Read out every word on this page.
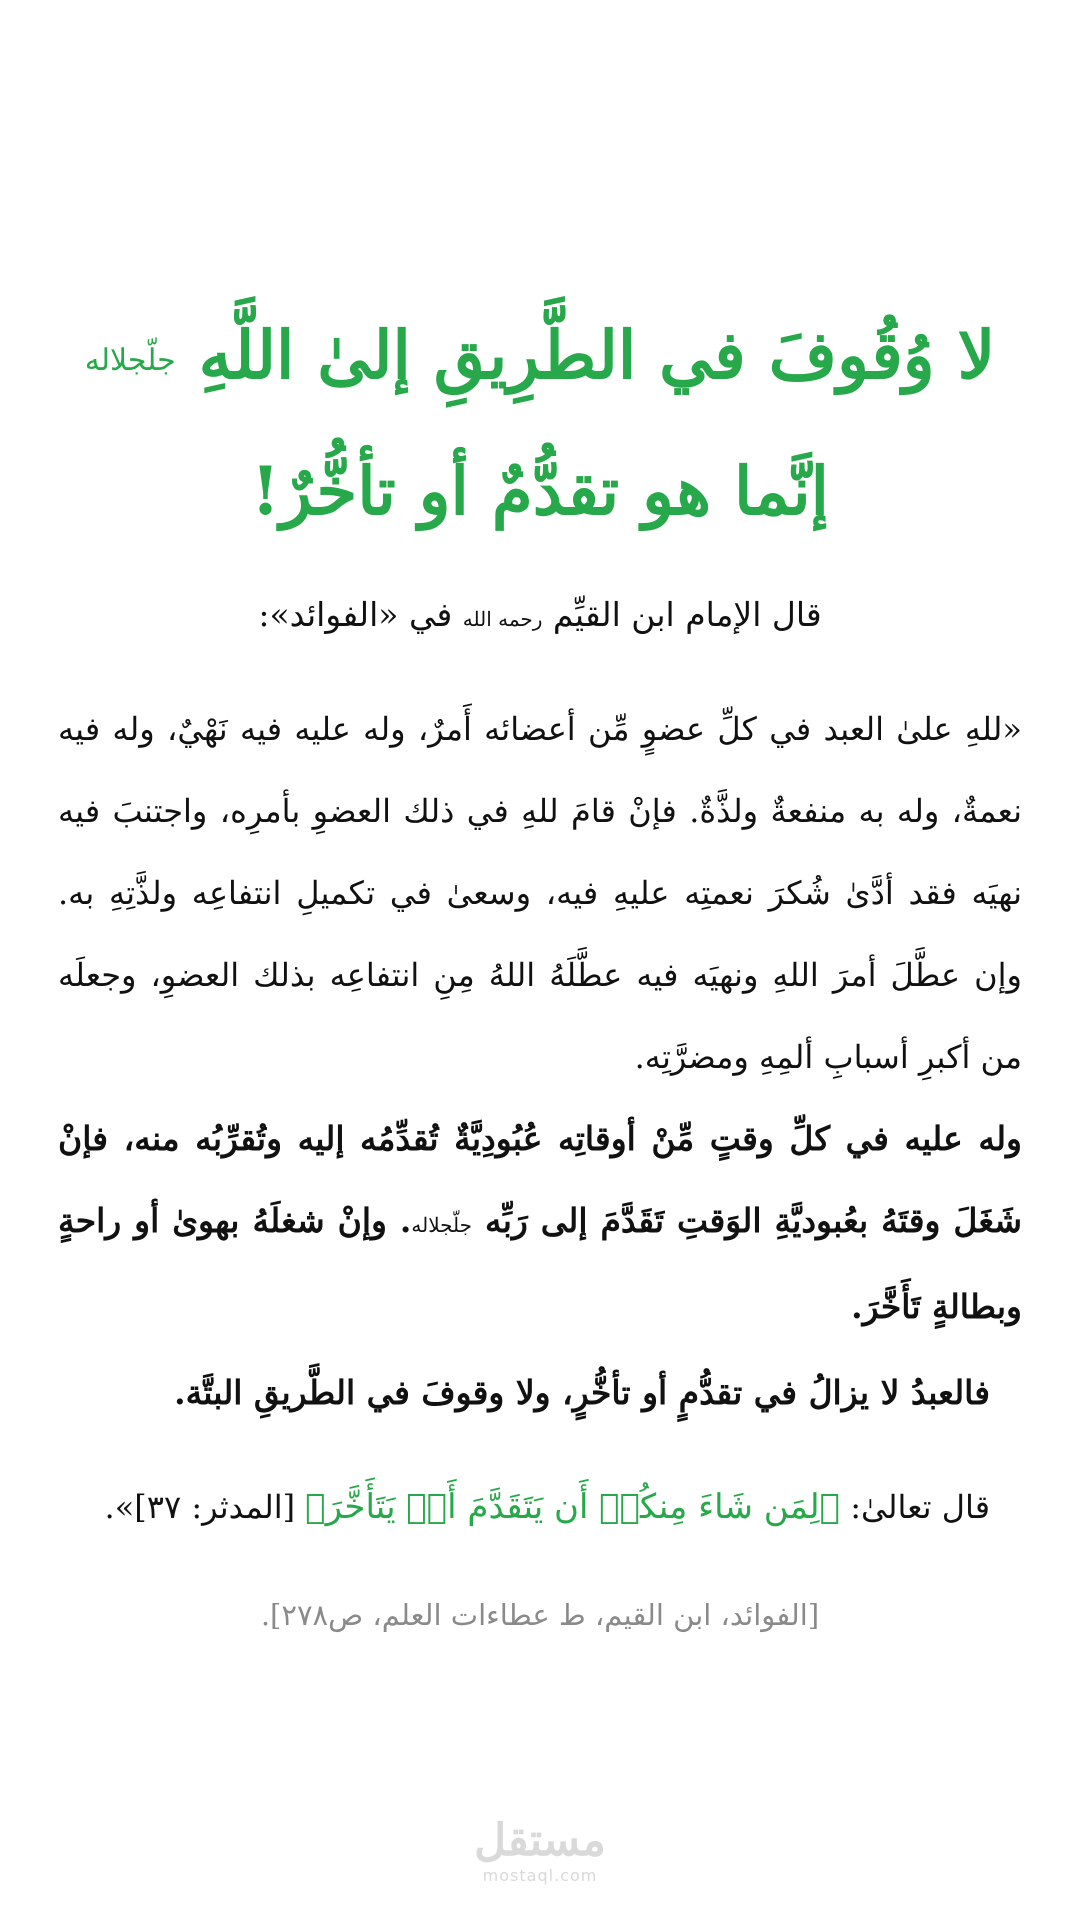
لا وُقُوفَ في الطَّرِيقِ إلىٰ اللَّهِ جلّجلاله
إنَّما هو تقدُّمٌ أو تأخُّرٌ!
قال الإمام ابن القيِّم رحمه الله في «الفوائد»:
«للهِ علىٰ العبد في كلِّ عضوٍ مِّن أعضائه أَمرٌ، وله عليه فيه نَهْيٌ، وله فيه نعمةٌ، وله به منفعةٌ ولذَّةٌ. فإنْ قامَ للهِ في ذلك العضوِ بأمرِه، واجتنبَ فيه نهيَه فقد أدَّىٰ شُكرَ نعمتِه عليهِ فيه، وسعىٰ في تكميلِ انتفاعِه ولذَّتِهِ به. وإن عطَّلَ أمرَ اللهِ ونهيَه فيه عطَّلَهُ اللهُ مِنِ انتفاعِه بذلك العضوِ، وجعلَه من أكبرِ أسبابِ ألمِهِ ومضرَّتِه.
وله عليه في كلِّ وقتٍ مِّنْ أوقاتِه عُبُودِيَّةٌ تُقدِّمُه إليه وتُقرِّبُه منه، فإنْ شَغَلَ وقتَهُ بعُبوديَّةِ الوَقتِ تَقَدَّمَ إلى رَبِّه جلّجلاله. وإنْ شغلَهُ بهوىٰ أو راحةٍ وبطالةٍ تَأَخَّرَ.
فالعبدُ لا يزالُ في تقدُّمٍ أو تأخُّرٍ، ولا وقوفَ في الطَّريقِ البتَّة.
قال تعالىٰ: ﴿لِمَن شَاءَ مِنكُمۡ أَن يَتَقَدَّمَ أَوۡ يَتَأَخَّرَ﴾ [المدثر: ٣٧]».
[الفوائد، ابن القيم، ط عطاءات العلم، ص٢٧٨].
مستقل
mostaql.com
